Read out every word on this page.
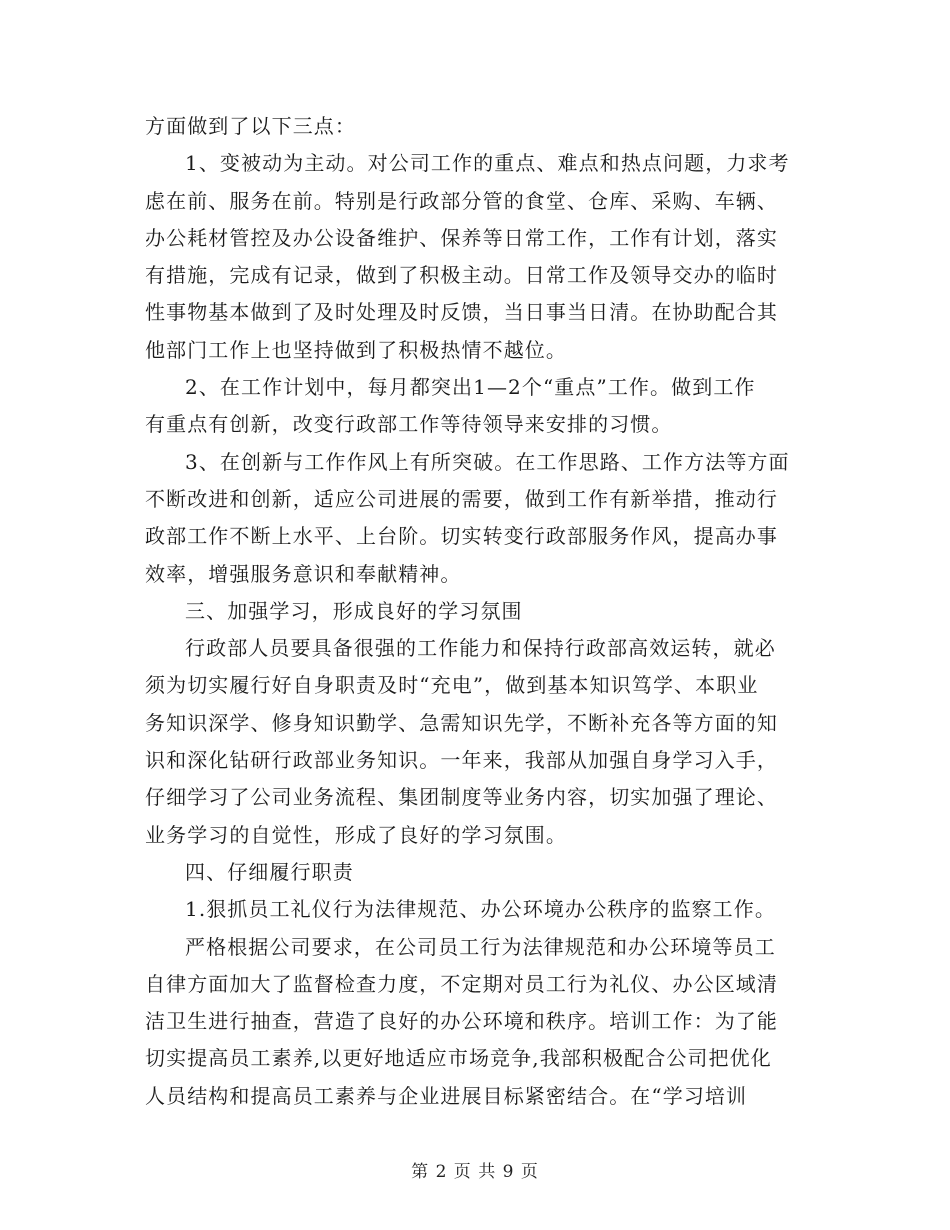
方面做到了以下三点：
1、变被动为主动。对公司工作的重点、难点和热点问题，力求考
虑在前、服务在前。特别是行政部分管的食堂、仓库、采购、车辆、
办公耗材管控及办公设备维护、保养等日常工作，工作有计划，落实
有措施，完成有记录，做到了积极主动。日常工作及领导交办的临时
性事物基本做到了及时处理及时反馈，当日事当日清。在协助配合其
他部门工作上也坚持做到了积极热情不越位。
2、在工作计划中，每月都突出1—2个“重点”工作。做到工作
有重点有创新，改变行政部工作等待领导来安排的习惯。
3、在创新与工作作风上有所突破。在工作思路、工作方法等方面
不断改进和创新，适应公司进展的需要，做到工作有新举措，推动行
政部工作不断上水平、上台阶。切实转变行政部服务作风，提高办事
效率，增强服务意识和奉献精神。
三、加强学习，形成良好的学习氛围
行政部人员要具备很强的工作能力和保持行政部高效运转，就必
须为切实履行好自身职责及时“充电”，做到基本知识笃学、本职业
务知识深学、修身知识勤学、急需知识先学，不断补充各等方面的知
识和深化钻研行政部业务知识。一年来，我部从加强自身学习入手，
仔细学习了公司业务流程、集团制度等业务内容，切实加强了理论、
业务学习的自觉性，形成了良好的学习氛围。
四、仔细履行职责
1.狠抓员工礼仪行为法律规范、办公环境办公秩序的监察工作。
严格根据公司要求，在公司员工行为法律规范和办公环境等员工
自律方面加大了监督检查力度，不定期对员工行为礼仪、办公区域清
洁卫生进行抽查，营造了良好的办公环境和秩序。培训工作：为了能
切实提高员工素养,以更好地适应市场竞争,我部积极配合公司把优化
人员结构和提高员工素养与企业进展目标紧密结合。在“学习培训
第 2 页 共 9 页
